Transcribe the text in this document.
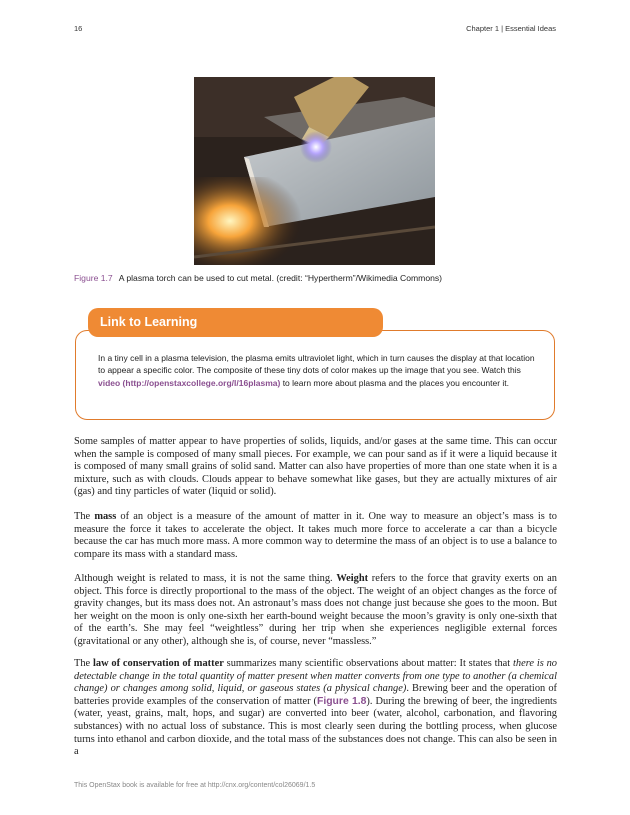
16	Chapter 1 | Essential Ideas
Figure 1.7 A plasma torch can be used to cut metal. (credit: “Hypertherm”/Wikimedia Commons)
Link to Learning
In a tiny cell in a plasma television, the plasma emits ultraviolet light, which in turn causes the display at that location to appear a specific color. The composite of these tiny dots of color makes up the image that you see. Watch this video (http://openstaxcollege.org/l/16plasma) to learn more about plasma and the places you encounter it.

Some samples of matter appear to have properties of solids, liquids, and/or gases at the same time. This can occur when the sample is composed of many small pieces. For example, we can pour sand as if it were a liquid because it is composed of many small grains of solid sand. Matter can also have properties of more than one state when it is a mixture, such as with clouds. Clouds appear to behave somewhat like gases, but they are actually mixtures of air (gas) and tiny particles of water (liquid or solid).

The mass of an object is a measure of the amount of matter in it. One way to measure an object’s mass is to measure the force it takes to accelerate the object. It takes much more force to accelerate a car than a bicycle because the car has much more mass. A more common way to determine the mass of an object is to use a balance to compare its mass with a standard mass.

Although weight is related to mass, it is not the same thing. Weight refers to the force that gravity exerts on an object. This force is directly proportional to the mass of the object. The weight of an object changes as the force of gravity changes, but its mass does not. An astronaut’s mass does not change just because she goes to the moon. But her weight on the moon is only one-sixth her earth-bound weight because the moon’s gravity is only one-sixth that of the earth’s. She may feel “weightless” during her trip when she experiences negligible external forces (gravitational or any other), although she is, of course, never “massless.”

The law of conservation of matter summarizes many scientific observations about matter: It states that there is no detectable change in the total quantity of matter present when matter converts from one type to another (a chemical change) or changes among solid, liquid, or gaseous states (a physical change). Brewing beer and the operation of batteries provide examples of the conservation of matter (Figure 1.8). During the brewing of beer, the ingredients (water, yeast, grains, malt, hops, and sugar) are converted into beer (water, alcohol, carbonation, and flavoring substances) with no actual loss of substance. This is most clearly seen during the bottling process, when glucose turns into ethanol and carbon dioxide, and the total mass of the substances does not change. This can also be seen in a

This OpenStax book is available for free at http://cnx.org/content/col26069/1.5
